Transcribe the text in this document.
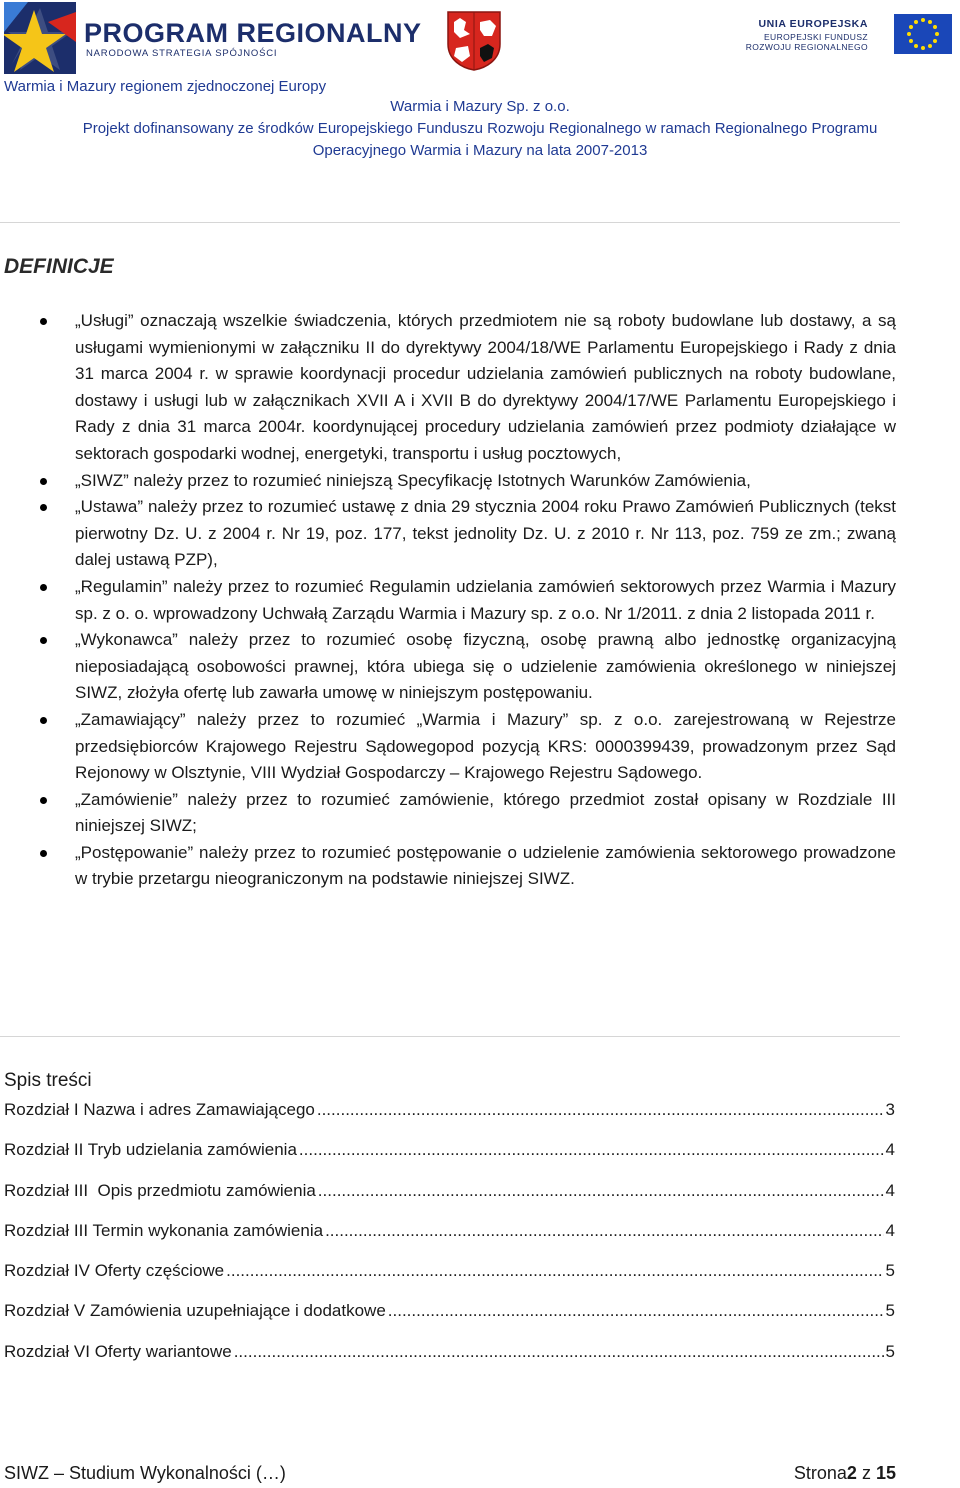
PROGRAM REGIONALNY
NARODOWA STRATEGIA SPÓJNOŚCI
UNIA EUROPEJSKA
EUROPEJSKI FUNDUSZ
ROZWOJU REGIONALNEGO
Warmia i Mazury regionem zjednoczonej Europy
Warmia i Mazury Sp. z o.o.
Projekt dofinansowany ze środków Europejskiego Funduszu Rozwoju Regionalnego w ramach Regionalnego Programu
Operacyjnego Warmia i Mazury na lata 2007-2013
DEFINICJE
„Usługi” oznaczają wszelkie świadczenia, których przedmiotem nie są roboty budowlane lub dostawy, a są usługami wymienionymi w załączniku II do dyrektywy 2004/18/WE Parlamentu Europejskiego i Rady z dnia 31 marca 2004 r. w sprawie koordynacji procedur udzielania zamówień publicznych na roboty budowlane, dostawy i usługi lub w załącznikach XVII A i XVII B do dyrektywy 2004/17/WE Parlamentu Europejskiego i Rady z dnia 31 marca 2004r. koordynującej procedury udzielania zamówień przez podmioty działające w sektorach gospodarki wodnej, energetyki, transportu i usług pocztowych,
„SIWZ” należy przez to rozumieć niniejszą Specyfikację Istotnych Warunków Zamówienia,
„Ustawa” należy przez to rozumieć ustawę z dnia 29 stycznia 2004 roku Prawo Zamówień Publicznych (tekst pierwotny Dz. U. z 2004 r. Nr 19, poz. 177, tekst jednolity Dz. U. z 2010 r. Nr 113, poz. 759 ze zm.; zwaną dalej ustawą PZP),
„Regulamin” należy przez to rozumieć Regulamin udzielania zamówień sektorowych przez Warmia i Mazury sp. z o. o. wprowadzony Uchwałą Zarządu Warmia i Mazury sp. z o.o. Nr 1/2011. z dnia 2 listopada 2011 r.
„Wykonawca” należy przez to rozumieć osobę fizyczną, osobę prawną albo jednostkę organizacyjną nieposiadającą osobowości prawnej, która ubiega się o udzielenie zamówienia określonego w niniejszej SIWZ, złożyła ofertę lub zawarła umowę w niniejszym postępowaniu.
„Zamawiający” należy przez to rozumieć „Warmia i Mazury” sp. z o.o. zarejestrowaną w Rejestrze przedsiębiorców Krajowego Rejestru Sądowegopod pozycją KRS: 0000399439, prowadzonym przez Sąd Rejonowy w Olsztynie, VIII Wydział Gospodarczy – Krajowego Rejestru Sądowego.
„Zamówienie” należy przez to rozumieć zamówienie, którego przedmiot został opisany w Rozdziale III niniejszej SIWZ;
„Postępowanie” należy przez to rozumieć postępowanie o udzielenie zamówienia sektorowego prowadzone w trybie przetargu nieograniczonym na podstawie niniejszej SIWZ.
Spis treści
Rozdział I Nazwa i adres Zamawiającego .....	3
Rozdział II Tryb udzielania zamówienia .....	4
Rozdział III  Opis przedmiotu zamówienia .....	4
Rozdział III Termin wykonania zamówienia .....	4
Rozdział IV Oferty częściowe .....	5
Rozdział V Zamówienia uzupełniające i dodatkowe .....	5
Rozdział VI Oferty wariantowe .....	5
SIWZ – Studium Wykonalności (…)	Strona2 z 15
